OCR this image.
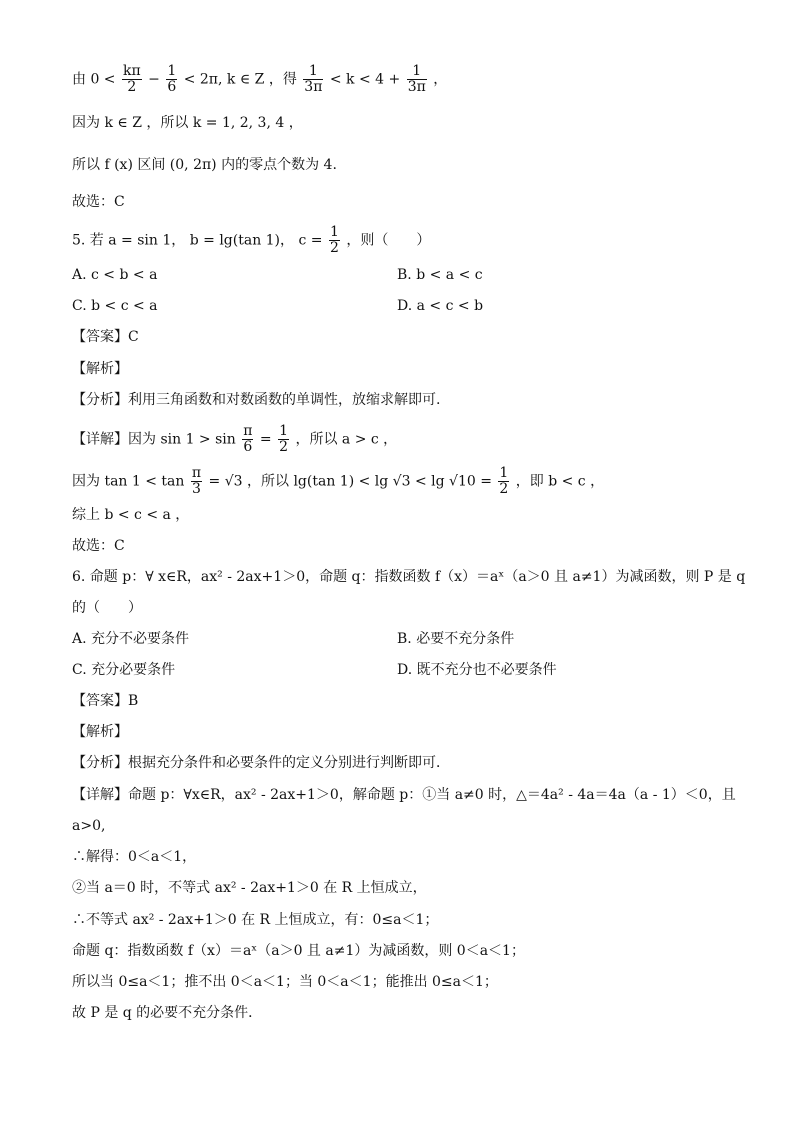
由 $0 < \frac{k\pi}{2} - \frac{1}{6} < 2\pi$, k ∈ Z ，得 $\frac{1}{3\pi} < k < 4 + \frac{1}{3\pi}$ ，
因为 k ∈ Z ，所以 k = 1, 2, 3, 4 ，
所以 f (x) 区间 (0, 2π) 内的零点个数为 4.
故选：C
5. 若 a = sin 1， b = lg(tan 1)， $c = \frac{1}{2}$ ，则（　　）
A. c < b < a	B. b < a < c
C. b < c < a	D. a < c < b
【答案】C
【解析】
【分析】利用三角函数和对数函数的单调性，放缩求解即可.
【详解】因为 $\sin 1 > \sin \frac{\pi}{6} = \frac{1}{2}$ ，所以 a > c ，
因为 $\tan 1 < \tan \frac{\pi}{3} = √3$ ，所以 lg(tan $1) < \lg √3 < \lg √10 = \frac{1}{2}$ ，即 b < c ，
综上 b < c < a ，
故选：C
6. 命题 p：∀ x∈R，ax² - 2ax+1＞0，命题 q：指数函数 f（x）＝aˣ（a＞0 且 a≠1）为减函数，则 P 是 q
的（　　）
A. 充分不必要条件	B. 必要不充分条件
C. 充分必要条件	D. 既不充分也不必要条件
【答案】B
【解析】
【分析】根据充分条件和必要条件的定义分别进行判断即可．
【详解】命题 p：∀x∈R，ax² - 2ax+1＞0，解命题 p：①当 a≠0 时，△＝4a² - 4a＝4a（a - 1）＜0，且
a>0,
∴解得：0＜a＜1，
②当 a＝0 时，不等式 ax² - 2ax+1＞0 在 R 上恒成立，
∴不等式 ax² - 2ax+1＞0 在 R 上恒成立，有：0≤a＜1；
命题 q：指数函数 f（x）＝aˣ（a＞0 且 a≠1）为减函数，则 0＜a＜1；
所以当 0≤a＜1；推不出 0＜a＜1；当 0＜a＜1；能推出 0≤a＜1；
故 P 是 q 的必要不充分条件．
